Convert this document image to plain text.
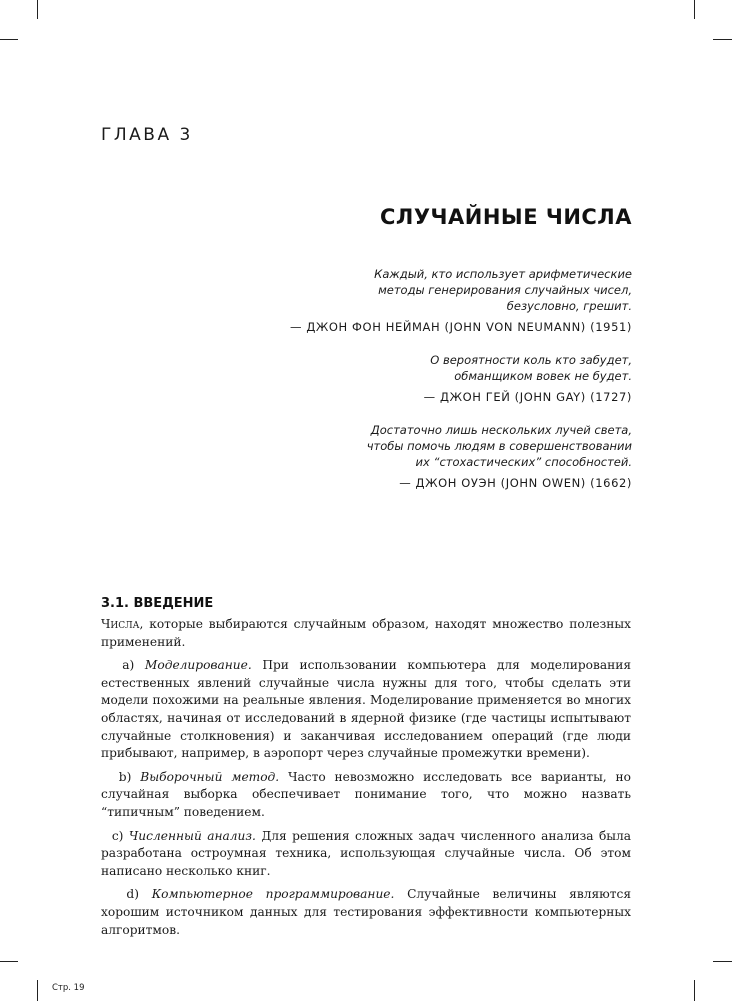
ГЛАВА 3
СЛУЧАЙНЫЕ ЧИСЛА
Каждый, кто использует арифметические
методы генерирования случайных чисел,
безусловно, грешит.
— ДЖОН ФОН НЕЙМАН (JOHN VON NEUMANN) (1951)
О вероятности коль кто забудет,
обманщиком вовек не будет.
— ДЖОН ГЕЙ (JOHN GAY) (1727)
Достаточно лишь нескольких лучей света,
чтобы помочь людям в совершенствовании
их “стохастических” способностей.
— ДЖОН ОУЭН (JOHN OWEN) (1662)
3.1. ВВЕДЕНИЕ

Числа, которые выбираются случайным образом, находят множество полезных применений.

a) Моделирование. При использовании компьютера для моделирования естественных явлений случайные числа нужны для того, чтобы сделать эти модели похожими на реальные явления. Моделирование применяется во многих областях, начиная от исследований в ядерной физике (где частицы испытывают случайные столкновения) и заканчивая исследованием операций (где люди прибывают, например, в аэропорт через случайные промежутки времени).

b) Выборочный метод. Часто невозможно исследовать все варианты, но случайная выборка обеспечивает понимание того, что можно назвать “типичным” поведением.

c) Численный анализ. Для решения сложных задач численного анализа была разработана остроумная техника, использующая случайные числа. Об этом написано несколько книг.

d) Компьютерное программирование. Случайные величины являются хорошим источником данных для тестирования эффективности компьютерных алгоритмов.

Стр. 19
